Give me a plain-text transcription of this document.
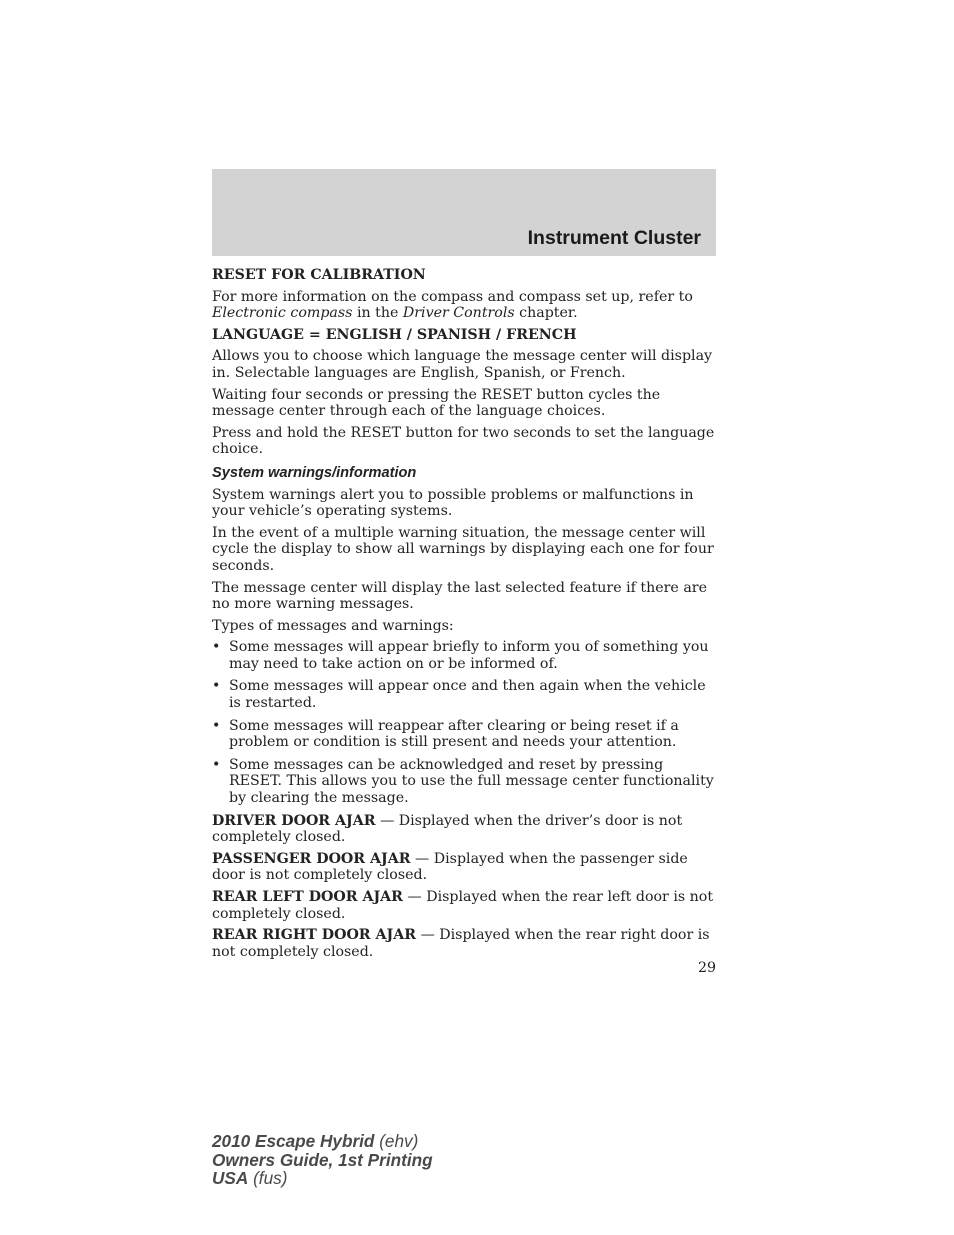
Instrument Cluster
RESET FOR CALIBRATION

For more information on the compass and compass set up, refer to Electronic compass in the Driver Controls chapter.

LANGUAGE = ENGLISH / SPANISH / FRENCH

Allows you to choose which language the message center will display in. Selectable languages are English, Spanish, or French.

Waiting four seconds or pressing the RESET button cycles the message center through each of the language choices.

Press and hold the RESET button for two seconds to set the language choice.

System warnings/information

System warnings alert you to possible problems or malfunctions in your vehicle’s operating systems.

In the event of a multiple warning situation, the message center will cycle the display to show all warnings by displaying each one for four seconds.

The message center will display the last selected feature if there are no more warning messages.

Types of messages and warnings:

• Some messages will appear briefly to inform you of something you may need to take action on or be informed of.
• Some messages will appear once and then again when the vehicle is restarted.
• Some messages will reappear after clearing or being reset if a problem or condition is still present and needs your attention.
• Some messages can be acknowledged and reset by pressing RESET. This allows you to use the full message center functionality by clearing the message.

DRIVER DOOR AJAR — Displayed when the driver’s door is not completely closed.

PASSENGER DOOR AJAR — Displayed when the passenger side door is not completely closed.

REAR LEFT DOOR AJAR — Displayed when the rear left door is not completely closed.

REAR RIGHT DOOR AJAR — Displayed when the rear right door is not completely closed.

29
2010 Escape Hybrid (ehv)
Owners Guide, 1st Printing
USA (fus)
